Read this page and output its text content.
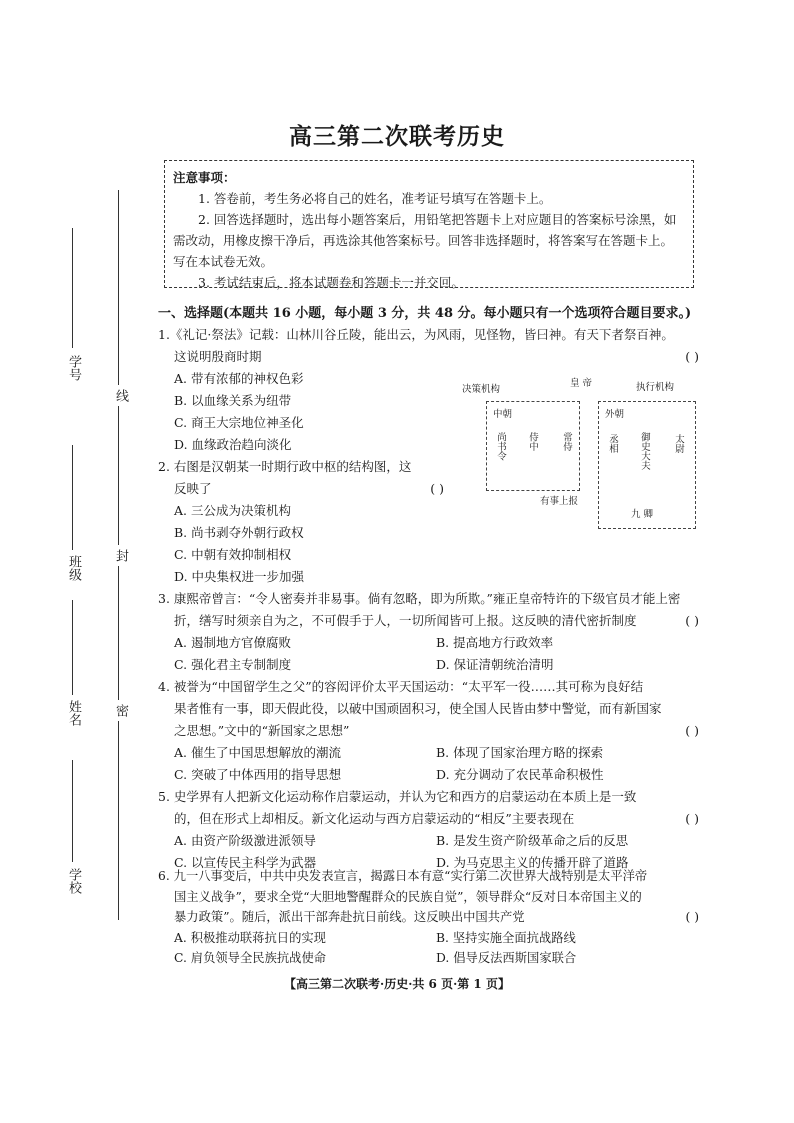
学号
班级
姓名
学校
线
封
密
高三第二次联考历史
注意事项：

1. 答卷前，考生务必将自己的姓名，准考证号填写在答题卡上。

2. 回答选择题时，选出每小题答案后，用铅笔把答题卡上对应题目的答案标号涂黑，如需改动，用橡皮擦干净后，再选涂其他答案标号。回答非选择题时，将答案写在答题卡上。写在本试卷无效。

3. 考试结束后，将本试题卷和答题卡一并交回。

一、选择题(本题共 16 小题，每小题 3 分，共 48 分。每小题只有一个选项符合题目要求。)

1.《礼记·祭法》记载：山林川谷丘陵，能出云，为风雨，见怪物，皆曰神。有天下者祭百神。

这说明殷商时期	( )

A. 带有浓郁的神权色彩

B. 以血缘关系为纽带

C. 商王大宗地位神圣化

D. 血缘政治趋向淡化

2. 右图是汉朝某一时期行政中枢的结构图，这

反映了	( )

A. 三公成为决策机构

B. 尚书剥夺外朝行政权

C. 中朝有效抑制相权

D. 中央集权进一步加强

决策机构
皇 帝	执行机构
中朝
尚书令 侍中 常侍
有事上报
外朝
丞相 御史大夫 太尉
九 卿

3. 康熙帝曾言：“令人密奏并非易事。倘有忽略，即为所欺。”雍正皇帝特许的下级官员才能上密

折，缮写时须亲自为之，不可假手于人，一切所闻皆可上报。这反映的清代密折制度	( )

A. 遏制地方官僚腐败	B. 提高地方行政效率
C. 强化君主专制制度	D. 保证清朝统治清明

4. 被誉为“中国留学生之父”的容闳评价太平天国运动：“太平军一役……其可称为良好结

果者惟有一事，即天假此役，以破中国顽固积习，使全国人民皆由梦中警觉，而有新国家

之思想。”文中的“新国家之思想”	( )

A. 催生了中国思想解放的潮流	B. 体现了国家治理方略的探索
C. 突破了中体西用的指导思想	D. 充分调动了农民革命积极性

5. 史学界有人把新文化运动称作启蒙运动，并认为它和西方的启蒙运动在本质上是一致

的，但在形式上却相反。新文化运动与西方启蒙运动的“相反”主要表现在	( )

A. 由资产阶级激进派领导	B. 是发生资产阶级革命之后的反思
C. 以宣传民主科学为武器	D. 为马克思主义的传播开辟了道路

6. 九一八事变后，中共中央发表宣言，揭露日本有意“实行第二次世界大战特别是太平洋帝

国主义战争”，要求全党“大胆地警醒群众的民族自觉”，领导群众“反对日本帝国主义的

暴力政策”。随后，派出干部奔赴抗日前线。这反映出中国共产党	( )

A. 积极推动联蒋抗日的实现	B. 坚持实施全面抗战路线
C. 肩负领导全民族抗战使命	D. 倡导反法西斯国家联合
【高三第二次联考·历史·共 6 页·第 1 页】
